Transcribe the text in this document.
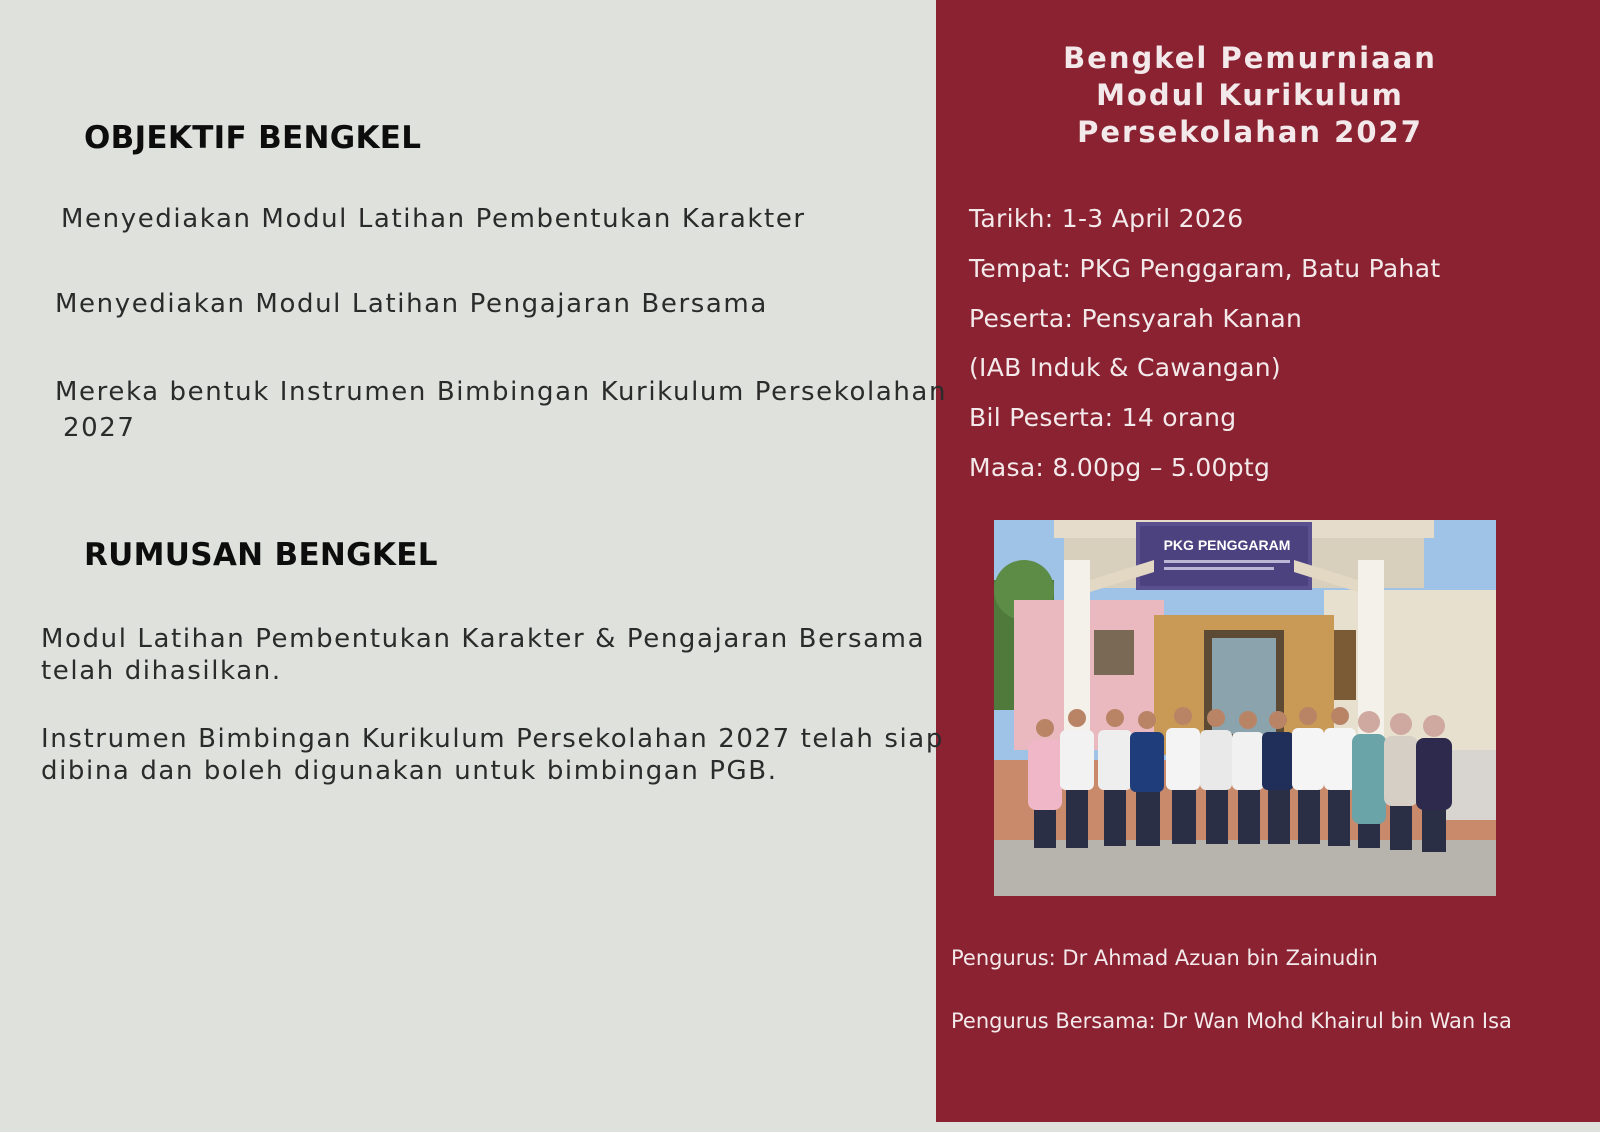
OBJEKTIF BENGKEL

Menyediakan Modul Latihan Pembentukan Karakter

Menyediakan Modul Latihan Pengajaran Bersama

Mereka bentuk Instrumen Bimbingan Kurikulum Persekolahan

2027

RUMUSAN BENGKEL

Modul Latihan Pembentukan Karakter & Pengajaran Bersama

telah dihasilkan.

Instrumen Bimbingan Kurikulum Persekolahan 2027 telah siap

dibina dan boleh digunakan untuk bimbingan PGB.

Bengkel Pemurniaan
Modul Kurikulum
Persekolahan 2027

Tarikh: 1-3 April 2026

Tempat: PKG Penggaram, Batu Pahat

Peserta: Pensyarah Kanan

(IAB Induk & Cawangan)

Bil Peserta: 14 orang

Masa: 8.00pg – 5.00ptg

PKG PENGGARAM

Pengurus: Dr Ahmad Azuan bin Zainudin

Pengurus Bersama: Dr Wan Mohd Khairul bin Wan Isa
